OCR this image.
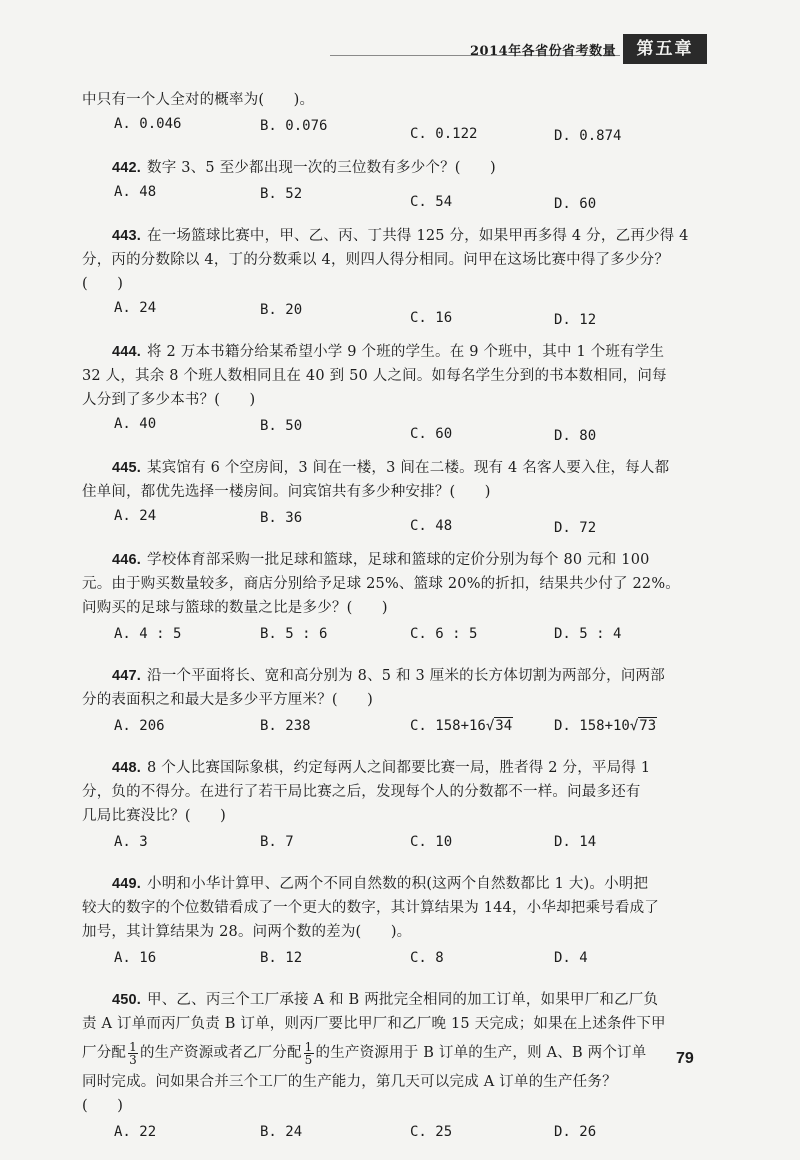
2014年各省份省考数量	第五章
中只有一个人全对的概率为(　　)。
A. 0.046	B. 0.076	C. 0.122	D. 0.874
442. 数字 3、5 至少都出现一次的三位数有多少个？(　　)
A. 48	B. 52	C. 54	D. 60
443. 在一场篮球比赛中，甲、乙、丙、丁共得 125 分，如果甲再多得 4 分，乙再少得 4
分，丙的分数除以 4，丁的分数乘以 4，则四人得分相同。问甲在这场比赛中得了多少分？
(　　)
A. 24	B. 20	C. 16	D. 12
444. 将 2 万本书籍分给某希望小学 9 个班的学生。在 9 个班中，其中 1 个班有学生
32 人，其余 8 个班人数相同且在 40 到 50 人之间。如每名学生分到的书本数相同，问每
人分到了多少本书？(　　)
A. 40	B. 50	C. 60	D. 80
445. 某宾馆有 6 个空房间，3 间在一楼，3 间在二楼。现有 4 名客人要入住，每人都
住单间，都优先选择一楼房间。问宾馆共有多少种安排？(　　)
A. 24	B. 36	C. 48	D. 72
446. 学校体育部采购一批足球和篮球，足球和篮球的定价分别为每个 80 元和 100
元。由于购买数量较多，商店分别给予足球 25%、篮球 20%的折扣，结果共少付了 22%。
问购买的足球与篮球的数量之比是多少？(　　)
A. 4 : 5	B. 5 : 6	C. 6 : 5	D. 5 : 4
447. 沿一个平面将长、宽和高分别为 8、5 和 3 厘米的长方体切割为两部分，问两部
分的表面积之和最大是多少平方厘米？(　　)
A. 206	B. 238	C. 158+16√34	D. 158+10√73
448. 8 个人比赛国际象棋，约定每两人之间都要比赛一局，胜者得 2 分，平局得 1
分，负的不得分。在进行了若干局比赛之后，发现每个人的分数都不一样。问最多还有
几局比赛没比？(　　)
A. 3	B. 7	C. 10	D. 14
449. 小明和小华计算甲、乙两个不同自然数的积(这两个自然数都比 1 大)。小明把
较大的数字的个位数错看成了一个更大的数字，其计算结果为 144，小华却把乘号看成了
加号，其计算结果为 28。问两个数的差为(　　)。
A. 16	B. 12	C. 8	D. 4
450. 甲、乙、丙三个工厂承接 A 和 B 两批完全相同的加工订单，如果甲厂和乙厂负
责 A 订单而丙厂负责 B 订单，则丙厂要比甲厂和乙厂晚 15 天完成；如果在上述条件下甲
厂分配 $\frac{1}{3}$ 的生产资源或者乙厂分配 $\frac{1}{5}$ 的生产资源用于 B 订单的生产，则 A、B 两个订单
同时完成。问如果合并三个工厂的生产能力，第几天可以完成 A 订单的生产任务？
(　　)
A. 22	B. 24	C. 25	D. 26
79
